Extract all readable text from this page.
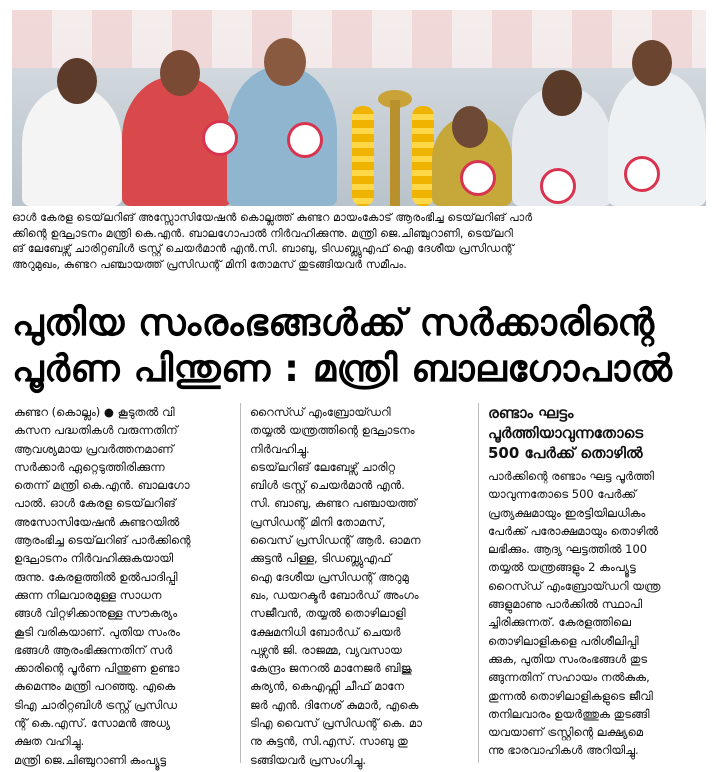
ഓൾ കേരള ടെയ്‌ലറിങ് അസ്സോസിയേഷൻ കൊല്ലത്ത് കുണ്ടറ മായംകോട് ആരംഭിച്ച ടെയ്‌ലറിങ് പാർ

ക്കിന്റെ ഉദ്ഘാടനം മന്ത്രി കെ.എൻ. ബാലഗോപാൽ നിർവഹിക്കുന്നു. മന്ത്രി ജെ.ചിഞ്ചുറാണി, ടെയ്‌ലറി

ങ് ലേബേഴ്സ് ചാരിറ്റബിൾ ട്രസ്റ്റ് ചെയർമാൻ എൻ.സി. ബാബു, ടിഡബ്ല്യുഎഫ് ഐ ദേശീയ പ്രസിഡന്റ്

അറുമുഖം, കുണ്ടറ പഞ്ചായത്ത് പ്രസിഡന്റ് മിനി തോമസ് തുടങ്ങിയവർ സമീപം.

പുതിയ സംരംഭങ്ങൾക്ക് സർക്കാരിന്റെ
പൂർണ പിന്തുണ : മന്ത്രി ബാലഗോപാൽ

കുണ്ടറ (കൊല്ലം) ● കൂടുതൽ വി

കസന പദ്ധതികൾ വരുന്നതിന്

ആവശ്യമായ പ്രവർത്തനമാണ്

സർക്കാർ ഏറ്റെടുത്തിരിക്കുന്ന

തെന്ന് മന്ത്രി കെ.എൻ. ബാലഗോ

പാൽ. ഓൾ കേരള ടെയ്‌ലറിങ്

അസോസിയേഷൻ കുണ്ടറയിൽ

ആരംഭിച്ച ടെയ്‌ലറിങ് പാർക്കിന്റെ

ഉദ്ഘാടനം നിർവഹിക്കുകയായി

രുന്നു. കേരളത്തിൽ ഉൽപാദിപ്പി

ക്കുന്ന നിലവാരമുള്ള സാധന

ങ്ങൾ വിറ്റഴിക്കാനുള്ള സൗകര്യം

കൂടി വരികയാണ്. പുതിയ സംരം

ഭങ്ങൾ ആരംഭിക്കുന്നതിന് സർ

ക്കാരിന്റെ പൂർണ പിന്തുണ ഉണ്ടാ

കുമെന്നും മന്ത്രി പറഞ്ഞു. എകെ

ടിഎ ചാരിറ്റബിൾ ട്രസ്റ്റ് പ്രസിഡ

ന്റ് കെ.എസ്. സോമൻ അധ്യ

ക്ഷത വഹിച്ചു.

മന്ത്രി ജെ.ചിഞ്ചുറാണി കംപ്യൂട്ട

റൈസ്ഡ് എംബ്രോയ്ഡറി

തയ്യൽ യന്ത്രത്തിന്റെ ഉദ്ഘാടനം

നിർവഹിച്ചു.

ടെയ്‌ലറിങ് ലേബേഴ്സ് ചാരിറ്റ

ബിൾ ട്രസ്റ്റ് ചെയർമാൻ എൻ.

സി. ബാബു, കുണ്ടറ പഞ്ചായത്ത്

പ്രസിഡന്റ് മിനി തോമസ്,

വൈസ് പ്രസിഡന്റ് ആർ. ഓമന

ക്കുട്ടൻ പിള്ള, ടിഡബ്ല്യുഎഫ്

ഐ ദേശീയ പ്രസിഡന്റ് അറുമു

ഖം, ഡയറക്ടർ ബോർഡ് അംഗം

സജീവൻ, തയ്യൽ തൊഴിലാളി

ക്ഷേമനിധി ബോർഡ് ചെയർ

പഴ്സൻ ജി. രാജമ്മ, വ്യവസായ

കേന്ദ്രം ജനറൽ മാനേജർ ബിജു

കുര്യൻ, കെഎഫ്സി ചീഫ് മാനേ

ജർ എൻ. ദിനേശ് കുമാർ, എകെ

ടിഎ വൈസ് പ്രസിഡന്റ് കെ. മാ

നു കുട്ടൻ, സി.എസ്. സാബു തു

ടങ്ങിയവർ പ്രസംഗിച്ചു.

രണ്ടാം ഘട്ടം
പൂർത്തിയാവുന്നതോടെ
500 പേർക്ക് തൊഴിൽ

പാർക്കിന്റെ രണ്ടാം ഘട്ട പൂർത്തി

യാവുന്നതോടെ 500 പേർക്ക്

പ്രത്യക്ഷമായും ഇരട്ടിയിലധികം

പേർക്ക് പരോക്ഷമായും തൊഴിൽ

ലഭിക്കും. ആദ്യ ഘട്ടത്തിൽ 100

തയ്യൽ യന്ത്രങ്ങളും 2 കംപ്യൂട്ട

റൈസ്ഡ് എംബ്രോയ്ഡറി യന്ത്ര

ങ്ങളുമാണു പാർക്കിൽ സ്ഥാപി

ച്ചിരിക്കുന്നത്. കേരളത്തിലെ

തൊഴിലാളികളെ പരിശീലിപ്പി

ക്കുക, പുതിയ സംരംഭങ്ങൾ തുട

ങ്ങുന്നതിന് സഹായം നൽകുക,

തുന്നൽ തൊഴിലാളികളുടെ ജീവി

തനിലവാരം ഉയർത്തുക തുടങ്ങി

യവയാണ് ട്രസ്റ്റിന്റെ ലക്ഷ്യമെ

ന്നു ഭാരവാഹികൾ അറിയിച്ചു.
